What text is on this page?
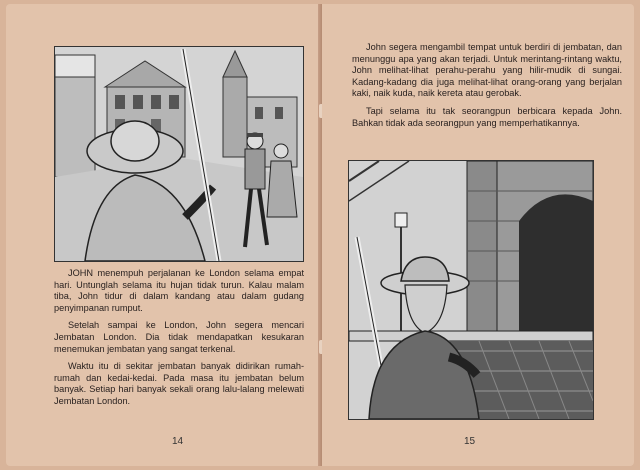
JOHN menempuh perjalanan ke London selama empat hari. Untunglah selama itu hujan tidak turun. Kalau malam tiba, John tidur di dalam kandang atau dalam gudang penyimpanan rumput.

Setelah sampai ke London, John segera mencari Jembatan London. Dia tidak mendapatkan kesukaran menemukan jembatan yang sangat terkenal.

Waktu itu di sekitar jembatan banyak didirikan rumah-rumah dan kedai-kedai. Pada masa itu jembatan belum banyak. Setiap hari banyak sekali orang lalu-lalang melewati Jembatan London.

14

John segera mengambil tempat untuk berdiri di jembatan, dan menunggu apa yang akan terjadi. Untuk merintang-rintang waktu, John melihat-lihat perahu-perahu yang hilir-mudik di sungai. Kadang-kadang dia juga melihat-lihat orang-orang yang berjalan kaki, naik kuda, naik kereta atau gerobak.

Tapi selama itu tak seorangpun berbicara kepada John. Bahkan tidak ada seorangpun yang memperhatikannya.

15
